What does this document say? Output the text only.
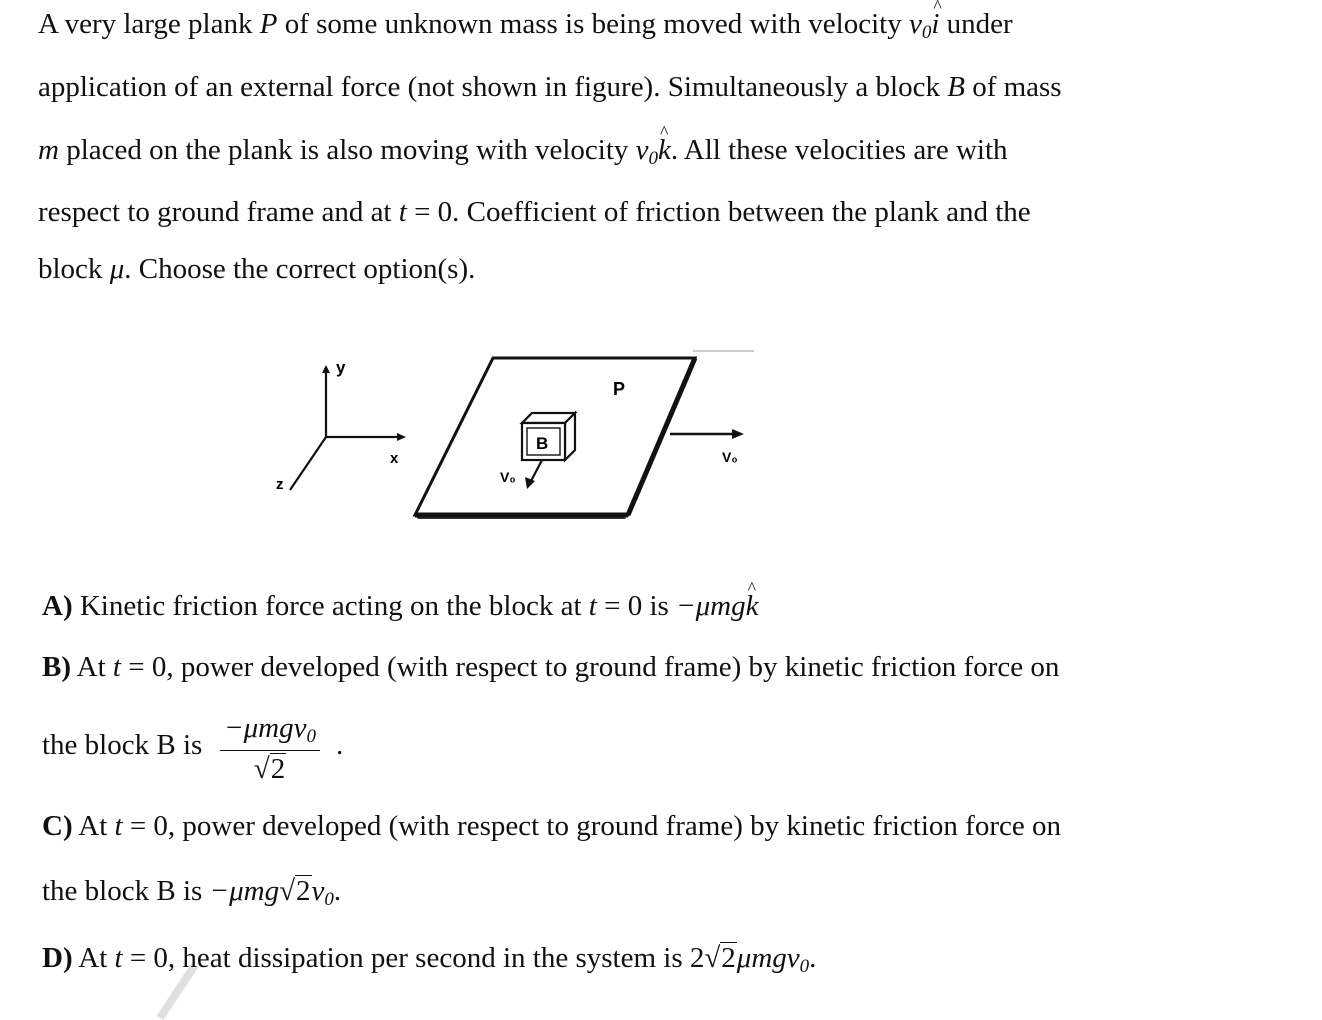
A very large plank P of some unknown mass is being moved with velocity $v_0i$ ^ under
application of an external force (not shown in figure). Simultaneously a block B of mass
m placed on the plank is also moving with velocity $v_0k$ ^. All these velocities are with
respect to ground frame and at t = 0. Coefficient of friction between the plank and the
block μ. Choose the correct option(s).
y
x
z
P
V₀
B
V₀
A) Kinetic friction force acting on the block at t = 0 is −μmgk ^
B) At t = 0, power developed (with respect to ground frame) by kinetic friction force on
the block B is
−μmgv$_0$
√2
.
C) At t = 0, power developed (with respect to ground frame) by kinetic friction force on
the block B is $-\mu mg√2v_0$.
D) At t = 0, heat dissipation per second in the system is 2√2μmgv$_0$.
